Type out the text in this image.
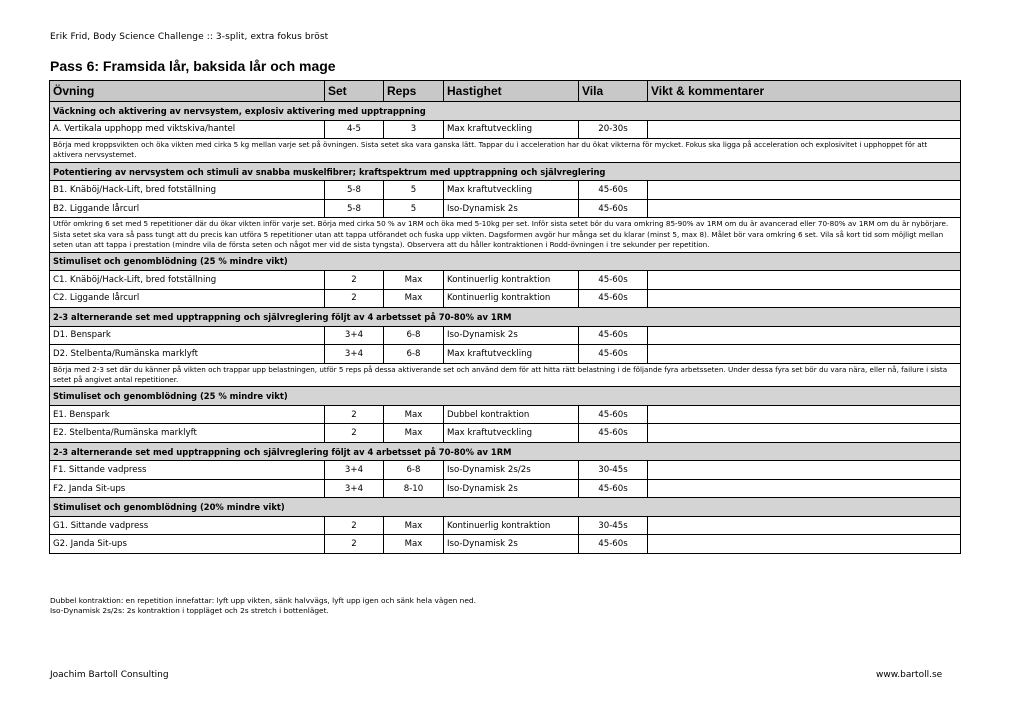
Erik Frid, Body Science Challenge :: 3-split, extra fokus bröst
Pass 6: Framsida lår, baksida lår och mage
Övning	Set	Reps	Hastighet	Vila	Vikt & kommentarer
Väckning och aktivering av nervsystem, explosiv aktivering med upptrappning					
A. Vertikala upphopp med viktskiva/hantel	4-5	3	Max kraftutveckling	20-30s	
Börja med kroppsvikten och öka vikten med cirka 5 kg mellan varje set på övningen. Sista setet ska vara ganska lätt. Tappar du i acceleration har du ökat vikterna för mycket. Fokus ska ligga på acceleration och explosivitet i upphoppet för att aktivera nervsystemet.					
Potentiering av nervsystem och stimuli av snabba muskelfibrer; kraftspektrum med upptrappning och självreglering					
B1. Knäböj/Hack-Lift, bred fotställning	5-8	5	Max kraftutveckling	45-60s	
B2. Liggande lårcurl	5-8	5	Iso-Dynamisk 2s	45-60s	
Utför omkring 6 set med 5 repetitioner där du ökar vikten inför varje set. Börja med cirka 50 % av 1RM och öka med 5-10kg per set. Inför sista setet bör du vara omkring 85-90% av 1RM om du är avancerad eller 70-80% av 1RM om du är nybörjare. Sista setet ska vara så pass tungt att du precis kan utföra 5 repetitioner utan att tappa utförandet och fuska upp vikten. Dagsformen avgör hur många set du klarar (minst 5, max 8). Målet bör vara omkring 6 set. Vila så kort tid som möjligt mellan seten utan att tappa i prestation (mindre vila de första seten och något mer vid de sista tyngsta). Observera att du håller kontraktionen i Rodd-övningen i tre sekunder per repetition.					
Stimuliset och genomblödning (25 % mindre vikt)					
C1. Knäböj/Hack-Lift, bred fotställning	2	Max	Kontinuerlig kontraktion	45-60s	
C2. Liggande lårcurl	2	Max	Kontinuerlig kontraktion	45-60s	
2-3 alternerande set med upptrappning och självreglering följt av 4 arbetsset på 70-80% av 1RM					
D1. Benspark	3+4	6-8	Iso-Dynamisk 2s	45-60s	
D2. Stelbenta/Rumänska marklyft	3+4	6-8	Max kraftutveckling	45-60s	
Börja med 2-3 set där du känner på vikten och trappar upp belastningen, utför 5 reps på dessa aktiverande set och använd dem för att hitta rätt belastning i de följande fyra arbetsseten. Under dessa fyra set bör du vara nära, eller nå, failure i sista setet på angivet antal repetitioner.					
Stimuliset och genomblödning (25 % mindre vikt)					
E1. Benspark	2	Max	Dubbel kontraktion	45-60s	
E2. Stelbenta/Rumänska marklyft	2	Max	Max kraftutveckling	45-60s	
2-3 alternerande set med upptrappning och självreglering följt av 4 arbetsset på 70-80% av 1RM					
F1. Sittande vadpress	3+4	6-8	Iso-Dynamisk 2s/2s	30-45s	
F2. Janda Sit-ups	3+4	8-10	Iso-Dynamisk 2s	45-60s	
Stimuliset och genomblödning (20% mindre vikt)					
G1. Sittande vadpress	2	Max	Kontinuerlig kontraktion	30-45s	
G2. Janda Sit-ups	2	Max	Iso-Dynamisk 2s	45-60s	
Dubbel kontraktion: en repetition innefattar: lyft upp vikten, sänk halvvägs, lyft upp igen och sänk hela vägen ned.
Iso-Dynamisk 2s/2s: 2s kontraktion i toppläget och 2s stretch i bottenläget.
Joachim Bartoll Consulting	www.bartoll.se
